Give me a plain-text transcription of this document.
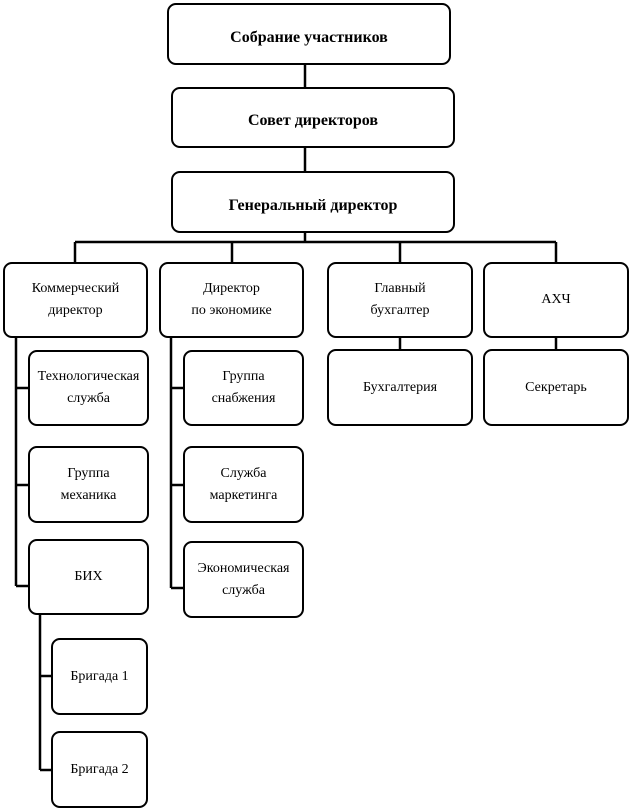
Собрание участников
Совет директоров
Генеральный директор
Коммерческий
директор
Директор
по экономике
Главный
бухгалтер
АХЧ
Технологическая
служба
Группа
механика
БИХ
Бригада 1
Бригада 2
Группа
снабжения
Служба
маркетинга
Экономическая
служба
Бухгалтерия	Секретарь
